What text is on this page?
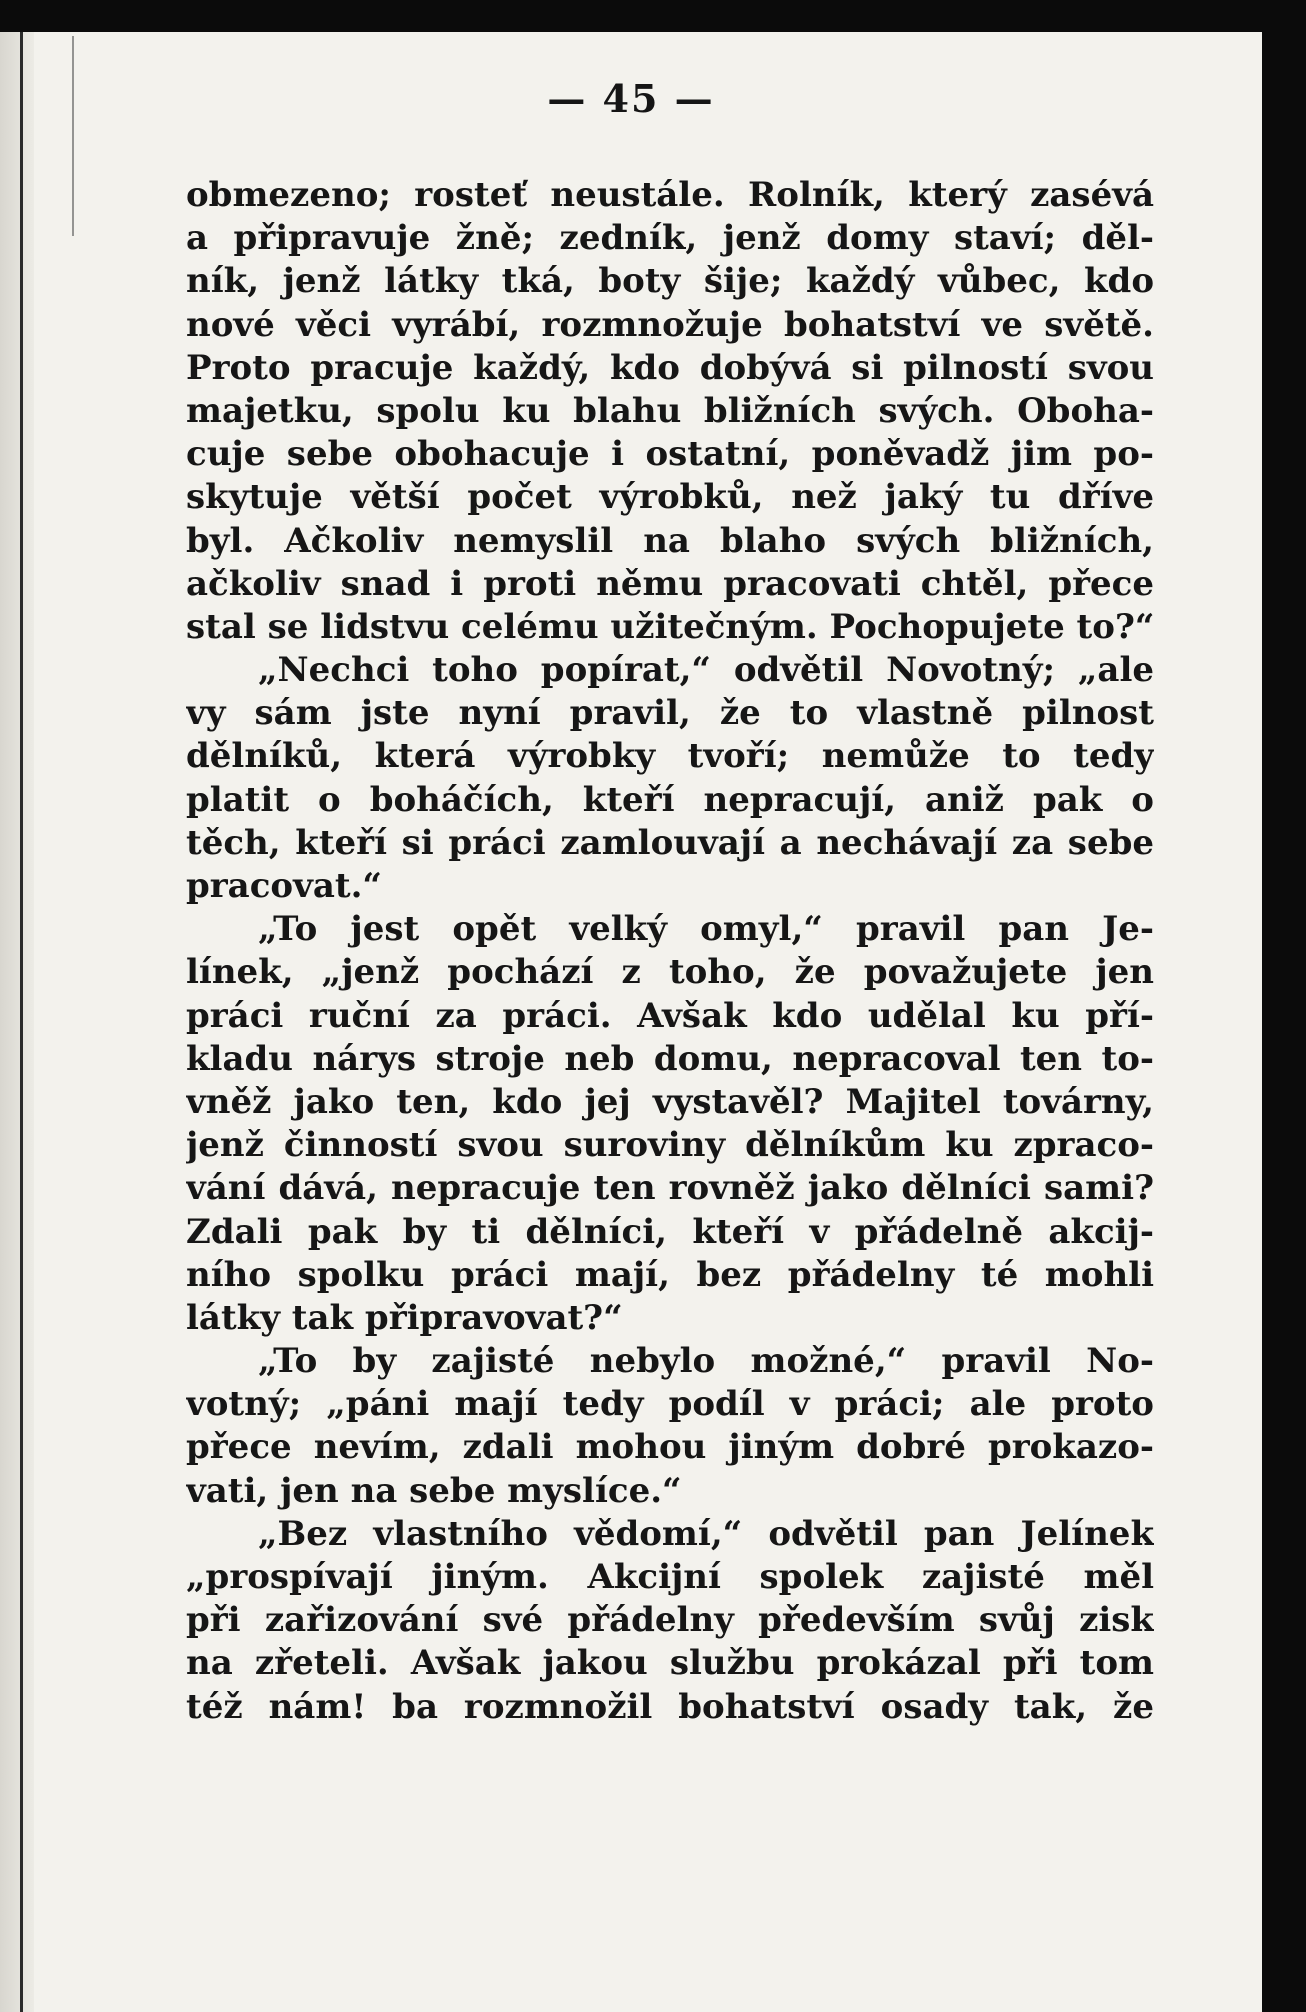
— 45 —
obmezeno; rosteť neustále. Rolník, který zasévá
a připravuje žně; zedník, jenž domy staví; děl-
ník, jenž látky tká, boty šije; každý vůbec, kdo
nové věci vyrábí, rozmnožuje bohatství ve světě.
Proto pracuje každý, kdo dobývá si pilností svou
majetku, spolu ku blahu bližních svých. Oboha-
cuje sebe obohacuje i ostatní, poněvadž jim po-
skytuje větší počet výrobků, než jaký tu dříve
byl. Ačkoliv nemyslil na blaho svých bližních,
ačkoliv snad i proti němu pracovati chtěl, přece
stal se lidstvu celému užitečným. Pochopujete to?“
„Nechci toho popírat,“ odvětil Novotný; „ale
vy sám jste nyní pravil, že to vlastně pilnost
dělníků, která výrobky tvoří; nemůže to tedy
platit o boháčích, kteří nepracují, aniž pak o
těch, kteří si práci zamlouvají a nechávají za sebe
pracovat.“
„To jest opět velký omyl,“ pravil pan Je-
línek, „jenž pochází z toho, že považujete jen
práci ruční za práci. Avšak kdo udělal ku pří-
kladu nárys stroje neb domu, nepracoval ten to-
vněž jako ten, kdo jej vystavěl? Majitel továrny,
jenž činností svou suroviny dělníkům ku zpraco-
vání dává, nepracuje ten rovněž jako dělníci sami?
Zdali pak by ti dělníci, kteří v přádelně akcij-
ního spolku práci mají, bez přádelny té mohli
látky tak připravovat?“
„To by zajisté nebylo možné,“ pravil No-
votný; „páni mají tedy podíl v práci; ale proto
přece nevím, zdali mohou jiným dobré prokazo-
vati, jen na sebe myslíce.“
„Bez vlastního vědomí,“ odvětil pan Jelínek
„prospívají jiným. Akcijní spolek zajisté měl
při zařizování své přádelny především svůj zisk
na zřeteli. Avšak jakou službu prokázal při tom
též nám! ba rozmnožil bohatství osady tak, že
